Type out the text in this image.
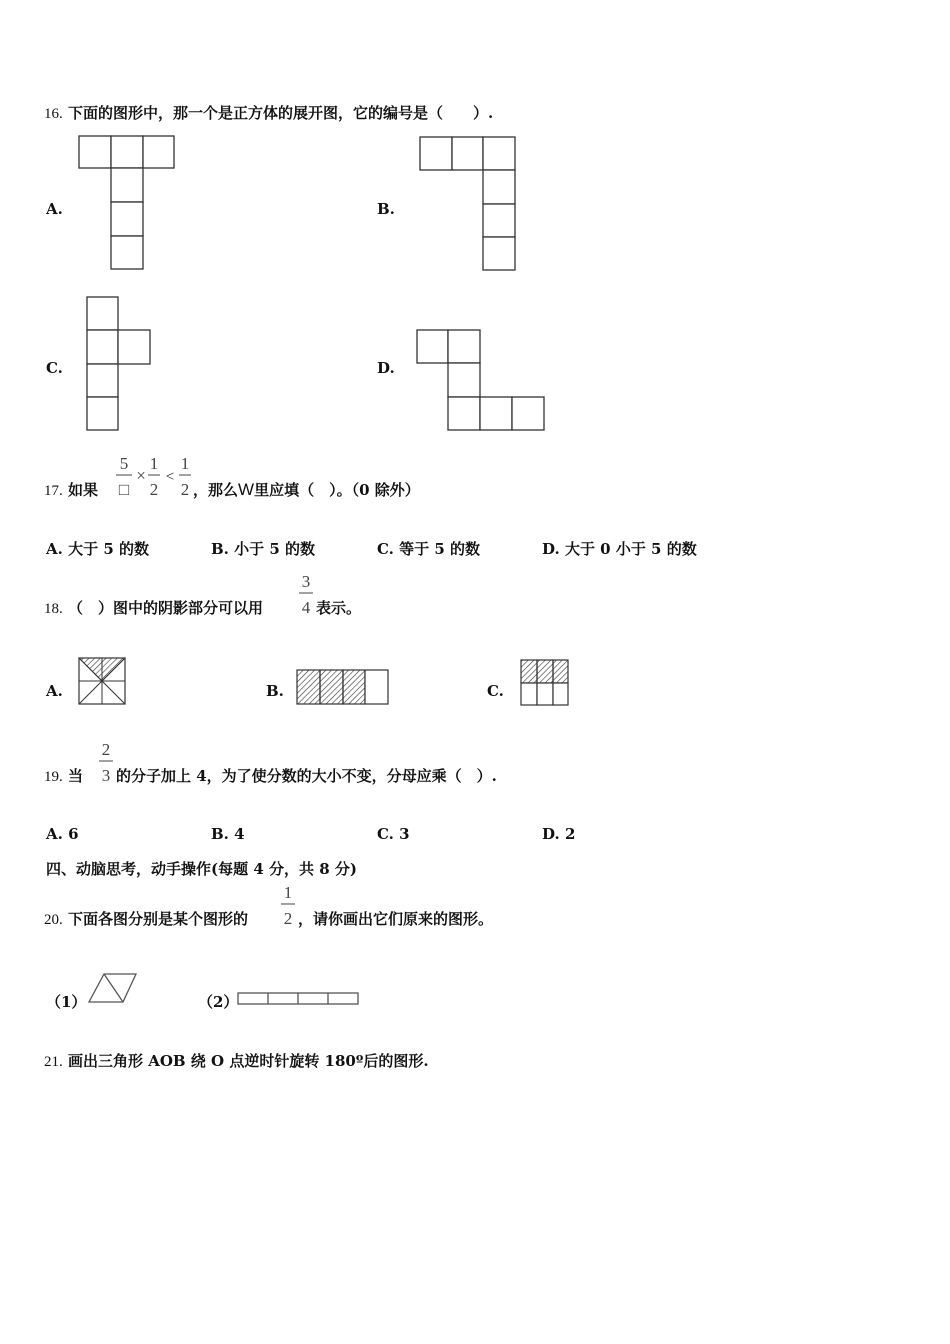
16. 下面的图形中，那一个是正方体的展开图，它的编号是（　　）.
A.	B.
C.	D.
17. 如果
5
□
×
1
2
<
1
2 ，那么W里应填（　）。（0 除外）
A. 大于 5 的数	B. 小于 5 的数	C. 等于 5 的数	D. 大于 0 小于 5 的数
18. （　）图中的阴影部分可以用
3
4 表示。
A.	B.	C.
19. 当
2
3 的分子加上 4，为了使分数的大小不变，分母应乘（　）.
A. 6	B. 4	C. 3	D. 2
四、动脑思考，动手操作(每题 4 分，共 8 分)
20. 下面各图分别是某个图形的
1
2 ，请你画出它们原来的图形。
（1）	（2）
21. 画出三角形 AOB 绕 O 点逆时针旋转 180º后的图形.
